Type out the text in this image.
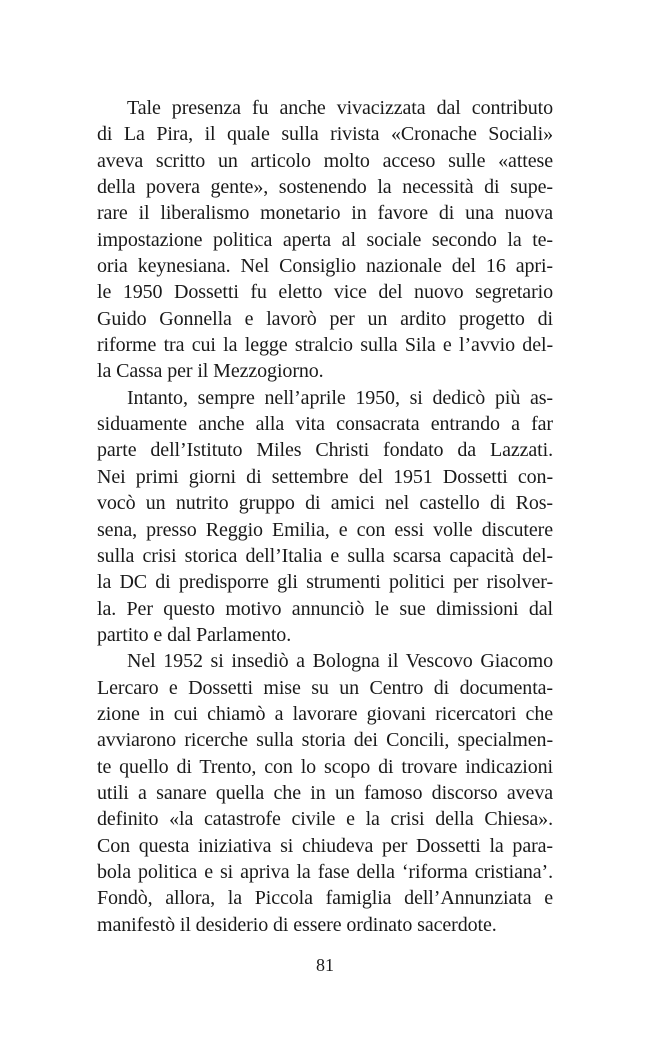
Tale presenza fu anche vivacizzata dal contributo
di La Pira, il quale sulla rivista «Cronache Sociali»
aveva scritto un articolo molto acceso sulle «attese
della povera gente», sostenendo la necessità di supe-
rare il liberalismo monetario in favore di una nuova
impostazione politica aperta al sociale secondo la te-
oria keynesiana. Nel Consiglio nazionale del 16 apri-
le 1950 Dossetti fu eletto vice del nuovo segretario
Guido Gonnella e lavorò per un ardito progetto di
riforme tra cui la legge stralcio sulla Sila e l’avvio del-
la Cassa per il Mezzogiorno.
Intanto, sempre nell’aprile 1950, si dedicò più as-
siduamente anche alla vita consacrata entrando a far
parte dell’Istituto Miles Christi fondato da Lazzati.
Nei primi giorni di settembre del 1951 Dossetti con-
vocò un nutrito gruppo di amici nel castello di Ros-
sena, presso Reggio Emilia, e con essi volle discutere
sulla crisi storica dell’Italia e sulla scarsa capacità del-
la DC di predisporre gli strumenti politici per risolver-
la. Per questo motivo annunciò le sue dimissioni dal
partito e dal Parlamento.
Nel 1952 si insediò a Bologna il Vescovo Giacomo
Lercaro e Dossetti mise su un Centro di documenta-
zione in cui chiamò a lavorare giovani ricercatori che
avviarono ricerche sulla storia dei Concili, specialmen-
te quello di Trento, con lo scopo di trovare indicazioni
utili a sanare quella che in un famoso discorso aveva
definito «la catastrofe civile e la crisi della Chiesa».
Con questa iniziativa si chiudeva per Dossetti la para-
bola politica e si apriva la fase della ‘riforma cristiana’.
Fondò, allora, la Piccola famiglia dell’Annunziata e
manifestò il desiderio di essere ordinato sacerdote.
81
